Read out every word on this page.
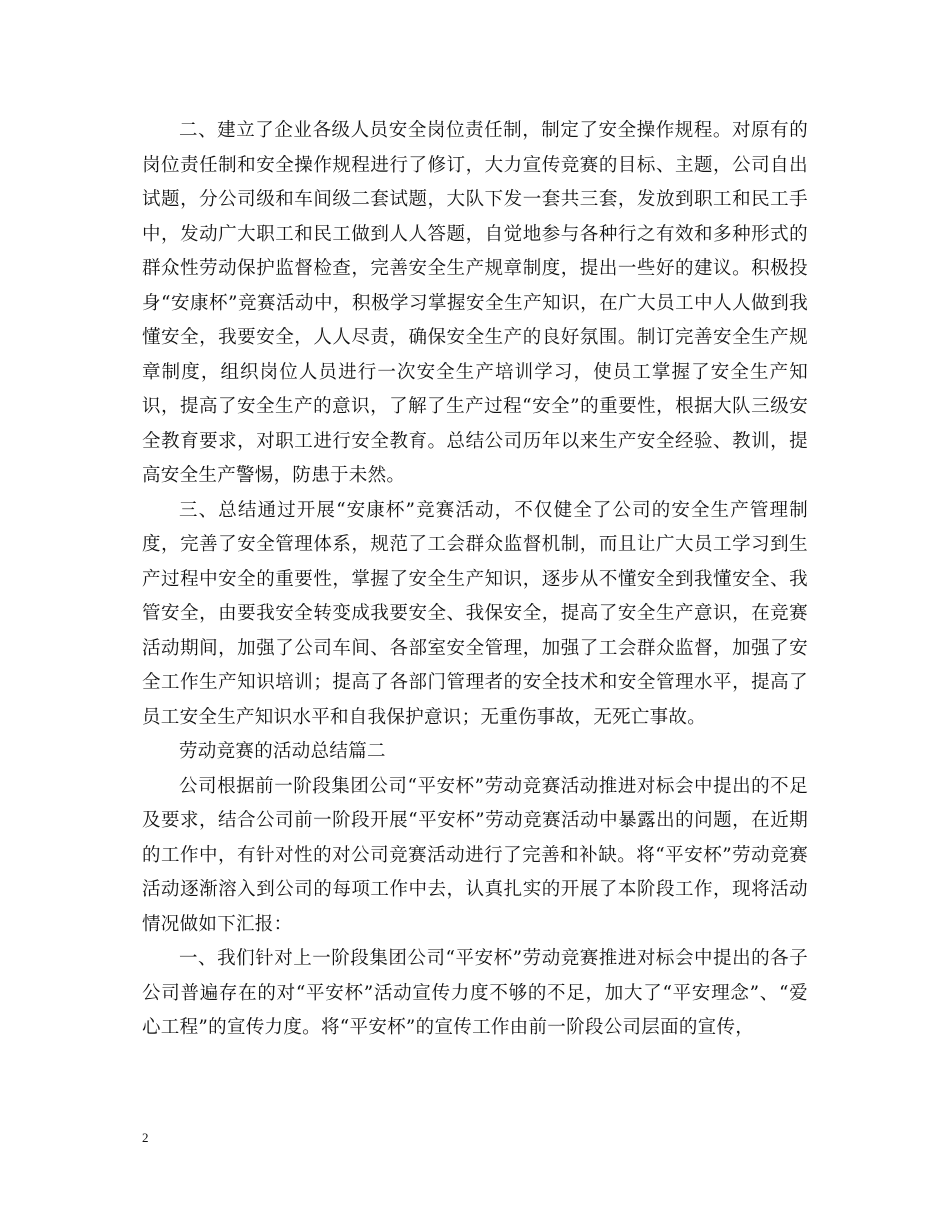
二、建立了企业各级人员安全岗位责任制，制定了安全操作规程。对原有的岗位责任制和安全操作规程进行了修订，大力宣传竞赛的目标、主题，公司自出试题，分公司级和车间级二套试题，大队下发一套共三套，发放到职工和民工手中，发动广大职工和民工做到人人答题，自觉地参与各种行之有效和多种形式的群众性劳动保护监督检查，完善安全生产规章制度，提出一些好的建议。积极投身“安康杯”竞赛活动中，积极学习掌握安全生产知识，在广大员工中人人做到我懂安全，我要安全，人人尽责，确保安全生产的良好氛围。制订完善安全生产规章制度，组织岗位人员进行一次安全生产培训学习，使员工掌握了安全生产知识，提高了安全生产的意识，了解了生产过程“安全”的重要性，根据大队三级安全教育要求，对职工进行安全教育。总结公司历年以来生产安全经验、教训，提高安全生产警惕，防患于未然。

三、总结通过开展“安康杯”竞赛活动，不仅健全了公司的安全生产管理制度，完善了安全管理体系，规范了工会群众监督机制，而且让广大员工学习到生产过程中安全的重要性，掌握了安全生产知识，逐步从不懂安全到我懂安全、我管安全，由要我安全转变成我要安全、我保安全，提高了安全生产意识，在竞赛活动期间，加强了公司车间、各部室安全管理，加强了工会群众监督，加强了安全工作生产知识培训；提高了各部门管理者的安全技术和安全管理水平，提高了员工安全生产知识水平和自我保护意识；无重伤事故，无死亡事故。

劳动竞赛的活动总结篇二

公司根据前一阶段集团公司“平安杯”劳动竞赛活动推进对标会中提出的不足及要求，结合公司前一阶段开展“平安杯”劳动竞赛活动中暴露出的问题，在近期的工作中，有针对性的对公司竞赛活动进行了完善和补缺。将“平安杯”劳动竞赛活动逐渐溶入到公司的每项工作中去，认真扎实的开展了本阶段工作，现将活动情况做如下汇报：

一、我们针对上一阶段集团公司“平安杯”劳动竞赛推进对标会中提出的各子公司普遍存在的对“平安杯”活动宣传力度不够的不足，加大了“平安理念”、“爱心工程”的宣传力度。将“平安杯”的宣传工作由前一阶段公司层面的宣传，

2
